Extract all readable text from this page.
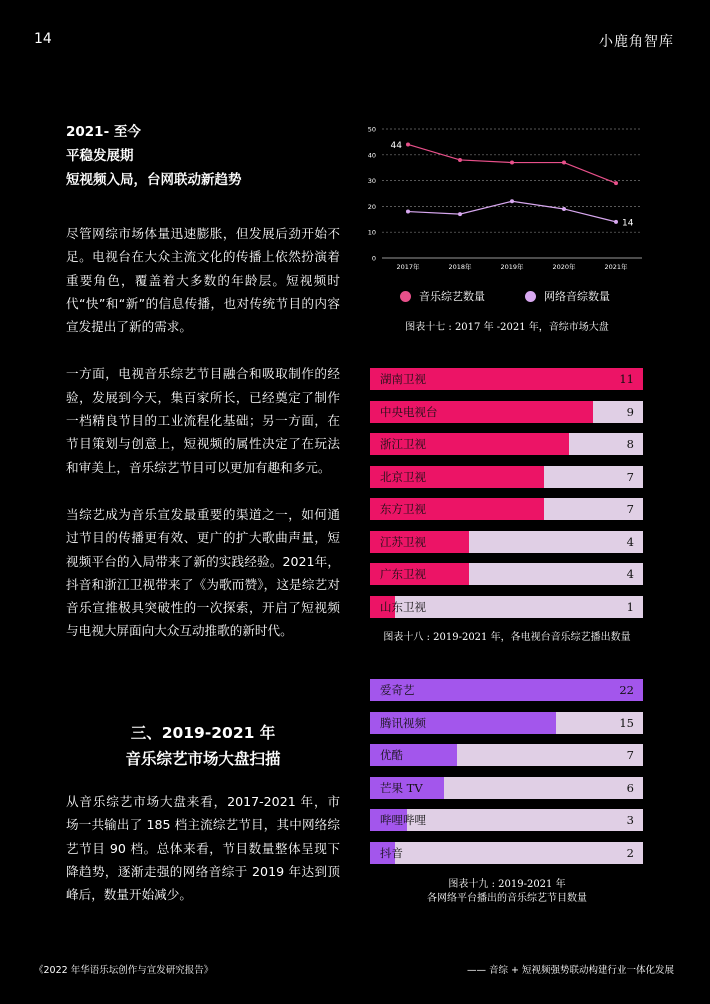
14	小鹿角智库
2021- 至今
平稳发展期
短视频入局，台网联动新趋势

尽管网综市场体量迅速膨胀，但发展后劲开始不足。电视台在大众主流文化的传播上依然扮演着重要角色，覆盖着大多数的年龄层。短视频时代“快”和“新”的信息传播，也对传统节目的内容宣发提出了新的需求。

一方面，电视音乐综艺节目融合和吸取制作的经验，发展到今天，集百家所长，已经奠定了制作一档精良节目的工业流程化基础；另一方面，在节目策划与创意上，短视频的属性决定了在玩法和审美上，音乐综艺节目可以更加有趣和多元。

当综艺成为音乐宣发最重要的渠道之一，如何通过节目的传播更有效、更广的扩大歌曲声量，短视频平台的入局带来了新的实践经验。2021年，抖音和浙江卫视带来了《为歌而赞》，这是综艺对音乐宣推极具突破性的一次探索，开启了短视频与电视大屏面向大众互动推歌的新时代。

三、2019-2021 年
音乐综艺市场大盘扫描

从音乐综艺市场大盘来看，2017-2021 年，市场一共输出了 185 档主流综艺节目，其中网络综艺节目 90 档。总体来看，节目数量整体呈现下降趋势，逐渐走强的网络音综于 2019 年达到顶峰后，数量开始减少。

0
10
20
30
40
50
2017年	2018年	2019年	2020年	2021年
44
14
音乐综艺数量	网络音综数量
图表十七 : 2017 年 -2021 年，音综市场大盘
湖南卫视	11
中央电视台	9
浙江卫视	8
北京卫视	7
东方卫视	7
江苏卫视	4
广东卫视	4
山东卫视	1
图表十八 : 2019-2021 年，各电视台音乐综艺播出数量
爱奇艺	22
腾讯视频	15
优酷	7
芒果 TV	6
哔哩哔哩	3
抖音	2
图表十九 : 2019-2021 年
各网络平台播出的音乐综艺节目数量
《2022 年华语乐坛创作与宣发研究报告》	—— 音综 + 短视频强势联动构建行业一体化发展
